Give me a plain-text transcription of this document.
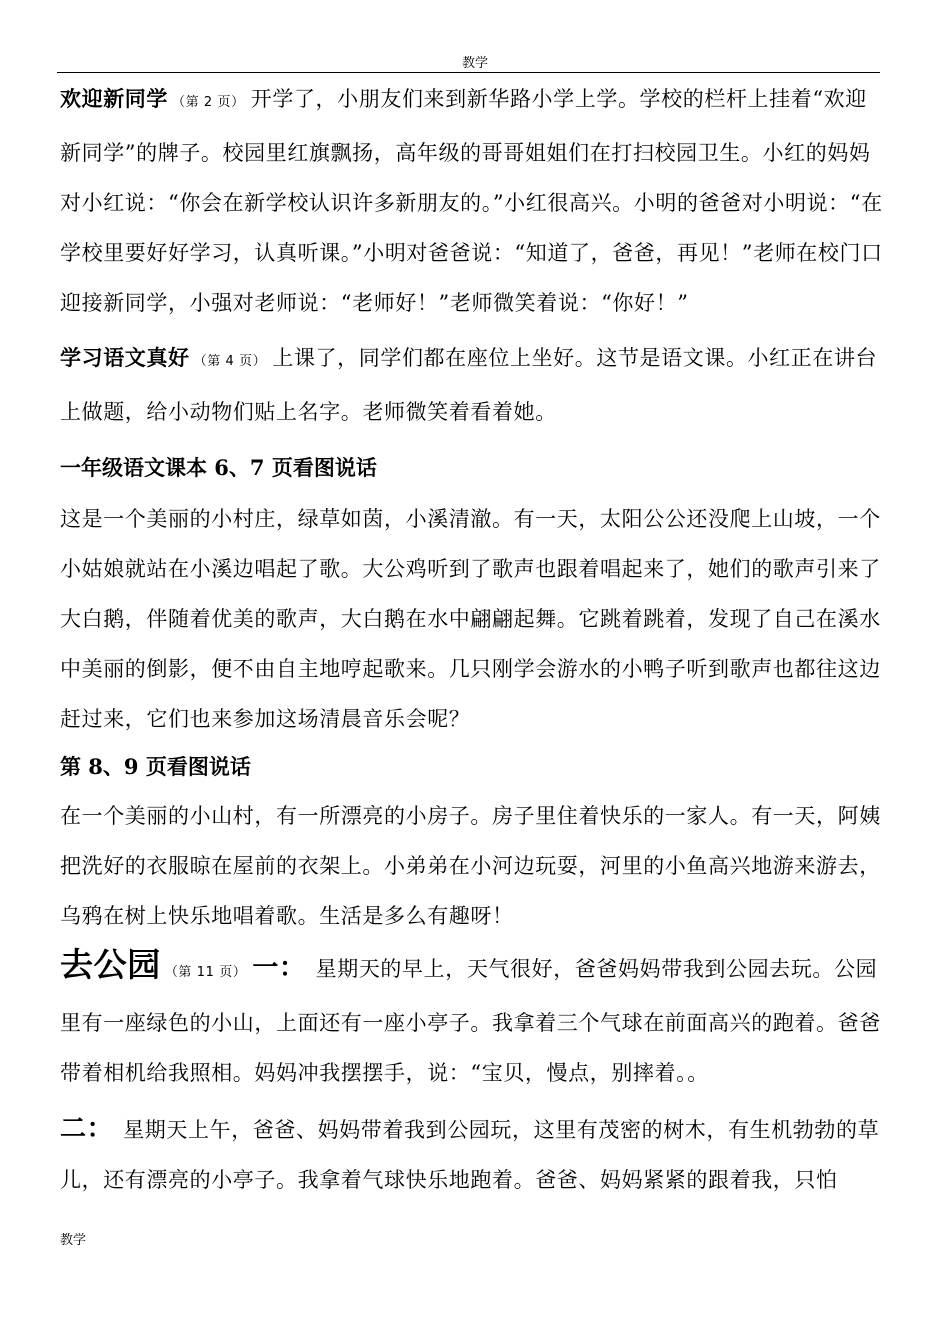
教学

欢迎新同学 （第 2 页） 开学了，小朋友们来到新华路小学上学。学校的栏杆上挂着“欢迎新同学”的牌子。校园里红旗飘扬，高年级的哥哥姐姐们在打扫校园卫生。小红的妈妈对小红说：“你会在新学校认识许多新朋友的。”小红很高兴。小明的爸爸对小明说：“在学校里要好好学习，认真听课。”小明对爸爸说：“知道了，爸爸，再见！”老师在校门口迎接新同学，小强对老师说：“老师好！”老师微笑着说：“你好！”

学习语文真好 （第 4 页） 上课了，同学们都在座位上坐好。这节是语文课。小红正在讲台上做题，给小动物们贴上名字。老师微笑着看着她。

一年级语文课本 6、7 页看图说话

这是一个美丽的小村庄，绿草如茵，小溪清澈。有一天，太阳公公还没爬上山坡，一个小姑娘就站在小溪边唱起了歌。大公鸡听到了歌声也跟着唱起来了，她们的歌声引来了大白鹅，伴随着优美的歌声，大白鹅在水中翩翩起舞。它跳着跳着，发现了自己在溪水中美丽的倒影，便不由自主地哼起歌来。几只刚学会游水的小鸭子听到歌声也都往这边赶过来，它们也来参加这场清晨音乐会呢？

第 8、9 页看图说话

在一个美丽的小山村，有一所漂亮的小房子。房子里住着快乐的一家人。有一天，阿姨把洗好的衣服晾在屋前的衣架上。小弟弟在小河边玩耍，河里的小鱼高兴地游来游去，乌鸦在树上快乐地唱着歌。生活是多么有趣呀！

去公园 （第 11 页） 一： 星期天的早上，天气很好，爸爸妈妈带我到公园去玩。公园里有一座绿色的小山，上面还有一座小亭子。我拿着三个气球在前面高兴的跑着。爸爸带着相机给我照相。妈妈冲我摆摆手，说：“宝贝，慢点，别摔着。。

二： 星期天上午，爸爸、妈妈带着我到公园玩，这里有茂密的树木，有生机勃勃的草儿，还有漂亮的小亭子。我拿着气球快乐地跑着。爸爸、妈妈紧紧的跟着我，只怕

教学
